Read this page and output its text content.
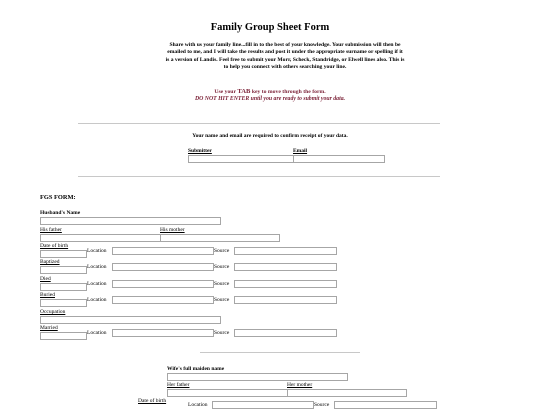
Family Group Sheet Form
Share with us your family line...fill in to the best of your knowledge. Your submission will then be emailed to me, and I will take the results and post it under the appropriate surname or spelling if it is a version of Landis. Feel free to submit your Morr, Scheck, Standridge, or Elwell lines also. This is to help you connect with others searching your line.
Use your TAB key to move through the form.
DO NOT HIT ENTER until you are ready to submit your data.
Your name and email are required to confirm receipt of your data.
Submitter	Email
FGS FORM:
Husband's Name
His father	His mother
Date of birth
Location	Source
Baptized
Location	Source
Died
Location	Source
Buried
Location	Source
Occupation
Married
Location	Source
Wife's full maiden name
Her father	Her mother
Date of birth
Location	Source
